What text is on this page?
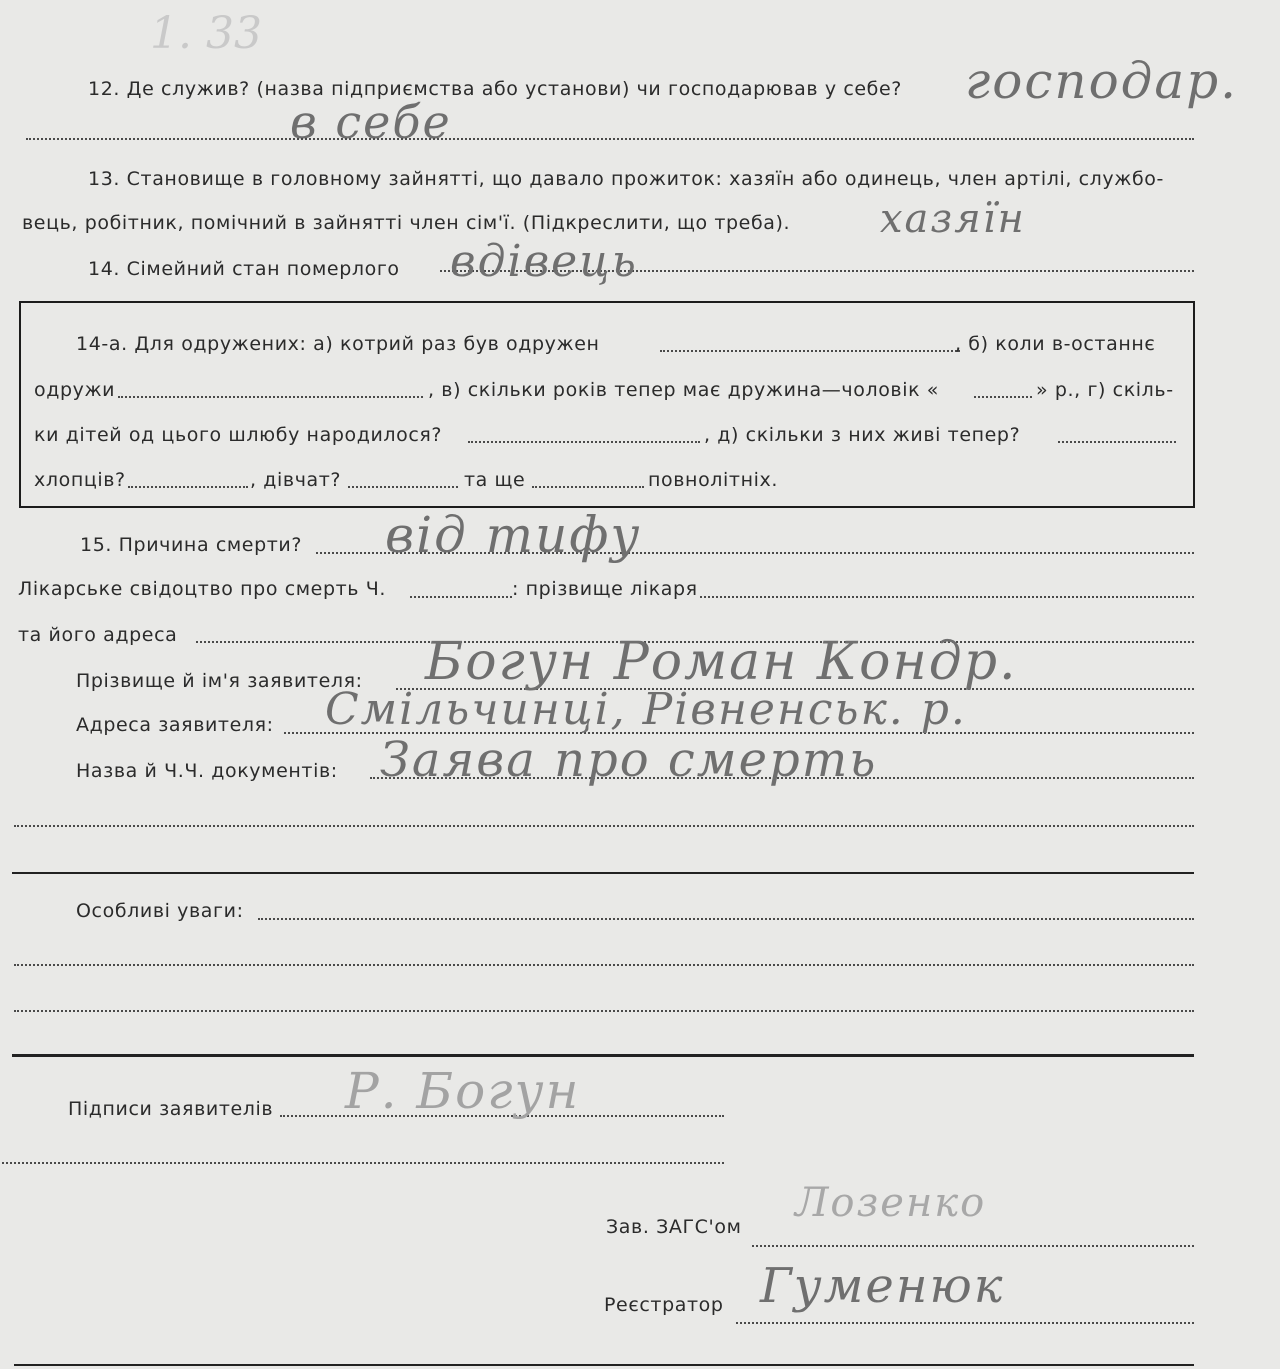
1. 33
12. Де служив? (назва підприємства або установи) чи господарював у себе? господар.
в себе
13. Становище в головному зайнятті, що давало прожиток: хазяїн або одинець, член артілі, службо-
вець, робітник, помічний в зайнятті член сім'ї. (Підкреслити, що треба). хазяїн
14. Сімейний стан померлого вдівець
14-а. Для одружених: а) котрий раз був одружен	, б) коли в-останнє
одружи	, в) скільки років тепер має дружина—чоловік «	» р., г) скіль-
ки дітей од цього шлюбу народилося?	, д) скільки з них живі тепер?
хлопців?	, дівчат?	та ще	повнолітніх.
15. Причина смерти? від тифу
Лікарське свідоцтво про смерть Ч.	: прізвище лікаря
та його адреса
Прізвище й ім'я заявителя: Богун Роман Кондр.
Адреса заявителя: Смільчинці, Рівненськ. р.
Назва й Ч.Ч. документів: Заява про смерть
Особливі уваги:
Підписи заявителів Р. Богун
Зав. ЗАГС'ом
Лозенко
Реєстратор Гуменюк
